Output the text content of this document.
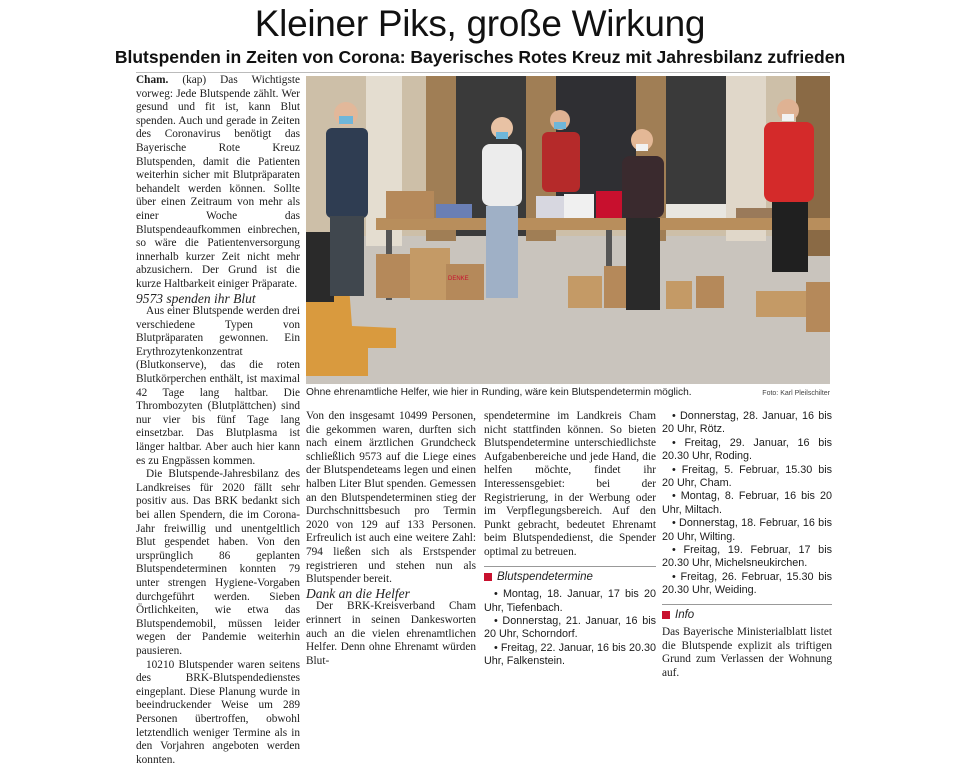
Kleiner Piks, große Wirkung
Blutspenden in Zeiten von Corona: Bayerisches Rotes Kreuz mit Jahresbilanz zufrieden

Cham. (kap) Das Wichtigste vorweg: Jede Blutspende zählt. Wer gesund und fit ist, kann Blut spenden. Auch und gerade in Zeiten des Coronavirus benötigt das Bayerische Rote Kreuz Blutspenden, damit die Patienten weiterhin sicher mit Blutpräparaten behandelt werden können. Sollte über einen Zeitraum von mehr als einer Woche das Blutspendeaufkommen einbrechen, so wäre die Patientenversorgung innerhalb kurzer Zeit nicht mehr abzusichern. Der Grund ist die kurze Haltbarkeit einiger Präparate.

9573 spenden ihr Blut

Aus einer Blutspende werden drei verschiedene Typen von Blutpräparaten gewonnen. Ein Erythrozytenkonzentrat (Blutkonserve), das die roten Blutkörperchen enthält, ist maximal 42 Tage lang haltbar. Die Thrombozyten (Blutplättchen) sind nur vier bis fünf Tage lang einsetzbar. Das Blutplasma ist länger haltbar. Aber auch hier kann es zu Engpässen kommen.

Die Blutspende-Jahresbilanz des Landkreises für 2020 fällt sehr positiv aus. Das BRK bedankt sich bei allen Spendern, die im Corona-Jahr freiwillig und unentgeltlich Blut gespendet haben. Von den ursprünglich 86 geplanten Blutspendeterminen konnten 79 unter strengen Hygiene-Vorgaben durchgeführt werden. Sieben Örtlichkeiten, wie etwa das Blutspendemobil, müssen leider wegen der Pandemie weiterhin pausieren.

10210 Blutspender waren seitens des BRK-Blutspendedienstes eingeplant. Diese Planung wurde in beeindruckender Weise um 289 Personen übertroffen, obwohl letztendlich weniger Termine als in den Vorjahren angeboten werden konnten.

DENKE
Ohne ehrenamtliche Helfer, wie hier in Runding, wäre kein Blutspendetermin möglich.	Foto: Karl Pleilschilter

Von den insgesamt 10499 Personen, die gekommen waren, durften sich nach einem ärztlichen Grundcheck schließlich 9573 auf die Liege eines der Blutspendeteams legen und einen halben Liter Blut spenden. Gemessen an den Blutspendeterminen stieg der Durchschnittsbesuch pro Termin 2020 von 129 auf 133 Personen. Erfreulich ist auch eine weitere Zahl: 794 ließen sich als Erstspender registrieren und stehen nun als Blutspender bereit.

Dank an die Helfer

Der BRK-Kreisverband Cham erinnert in seinen Dankesworten auch an die vielen ehrenamtlichen Helfer. Denn ohne Ehrenamt würden Blut-

spendetermine im Landkreis Cham nicht stattfinden können. So bieten Blutspendetermine unterschiedlichste Aufgabenbereiche und jede Hand, die helfen möchte, findet ihr Interessensgebiet: bei der Registrierung, in der Werbung oder im Verpflegungsbereich. Auf den Punkt gebracht, bedeutet Ehrenamt beim Blutspendedienst, die Spender optimal zu betreuen.

Blutspendetermine

• Montag, 18. Januar, 17 bis 20 Uhr, Tiefenbach.

• Donnerstag, 21. Januar, 16 bis 20 Uhr, Schorndorf.

• Freitag, 22. Januar, 16 bis 20.30 Uhr, Falkenstein.

• Donnerstag, 28. Januar, 16 bis 20 Uhr, Rötz.

• Freitag, 29. Januar, 16 bis 20.30 Uhr, Roding.

• Freitag, 5. Februar, 15.30 bis 20 Uhr, Cham.

• Montag, 8. Februar, 16 bis 20 Uhr, Miltach.

• Donnerstag, 18. Februar, 16 bis 20 Uhr, Wilting.

• Freitag, 19. Februar, 17 bis 20.30 Uhr, Michelsneukirchen.

• Freitag, 26. Februar, 15.30 bis 20.30 Uhr, Weiding.

Info

Das Bayerische Ministerialblatt listet die Blutspende explizit als triftigen Grund zum Verlassen der Wohnung auf.
